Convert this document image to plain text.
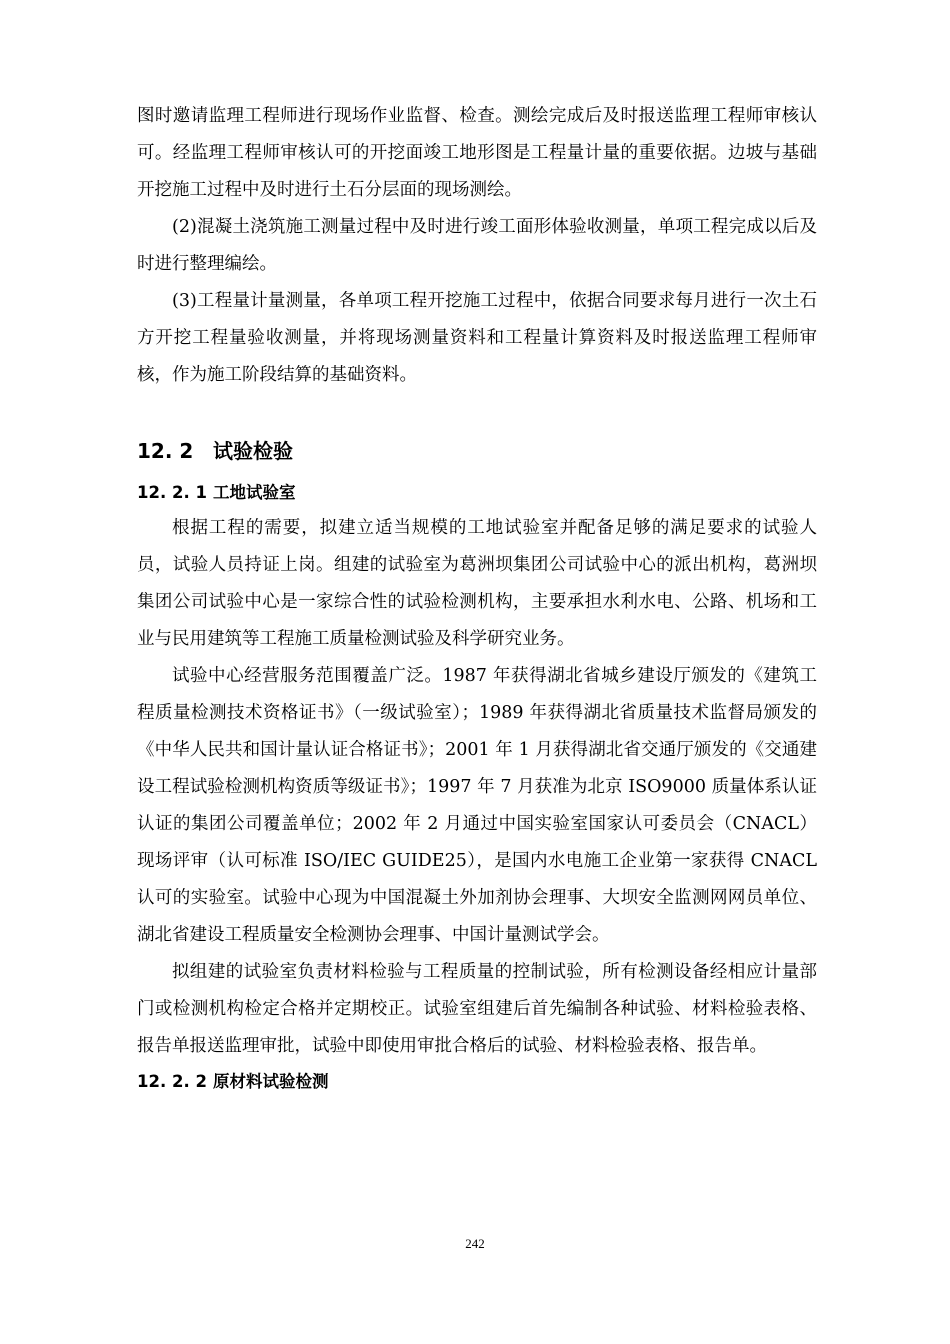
图时邀请监理工程师进行现场作业监督、检查。测绘完成后及时报送监理工程师审核认可。经监理工程师审核认可的开挖面竣工地形图是工程量计量的重要依据。边坡与基础开挖施工过程中及时进行土石分层面的现场测绘。

(2)混凝土浇筑施工测量过程中及时进行竣工面形体验收测量，单项工程完成以后及时进行整理编绘。

(3)工程量计量测量，各单项工程开挖施工过程中，依据合同要求每月进行一次土石方开挖工程量验收测量，并将现场测量资料和工程量计算资料及时报送监理工程师审核，作为施工阶段结算的基础资料。

12. 2 试验检验
12. 2. 1 工地试验室

根据工程的需要，拟建立适当规模的工地试验室并配备足够的满足要求的试验人员，试验人员持证上岗。组建的试验室为葛洲坝集团公司试验中心的派出机构，葛洲坝集团公司试验中心是一家综合性的试验检测机构，主要承担水利水电、公路、机场和工业与民用建筑等工程施工质量检测试验及科学研究业务。

试验中心经营服务范围覆盖广泛。1987 年获得湖北省城乡建设厅颁发的《建筑工程质量检测技术资格证书》（一级试验室）；1989 年获得湖北省质量技术监督局颁发的《中华人民共和国计量认证合格证书》；2001 年 1 月获得湖北省交通厅颁发的《交通建设工程试验检测机构资质等级证书》；1997 年 7 月获准为北京 ISO9000 质量体系认证认证的集团公司覆盖单位；2002 年 2 月通过中国实验室国家认可委员会（CNACL）现场评审（认可标准 ISO/IEC GUIDE25），是国内水电施工企业第一家获得 CNACL 认可的实验室。试验中心现为中国混凝土外加剂协会理事、大坝安全监测网网员单位、湖北省建设工程质量安全检测协会理事、中国计量测试学会。

拟组建的试验室负责材料检验与工程质量的控制试验，所有检测设备经相应计量部门或检测机构检定合格并定期校正。试验室组建后首先编制各种试验、材料检验表格、报告单报送监理审批，试验中即使用审批合格后的试验、材料检验表格、报告单。

12. 2. 2 原材料试验检测
242
